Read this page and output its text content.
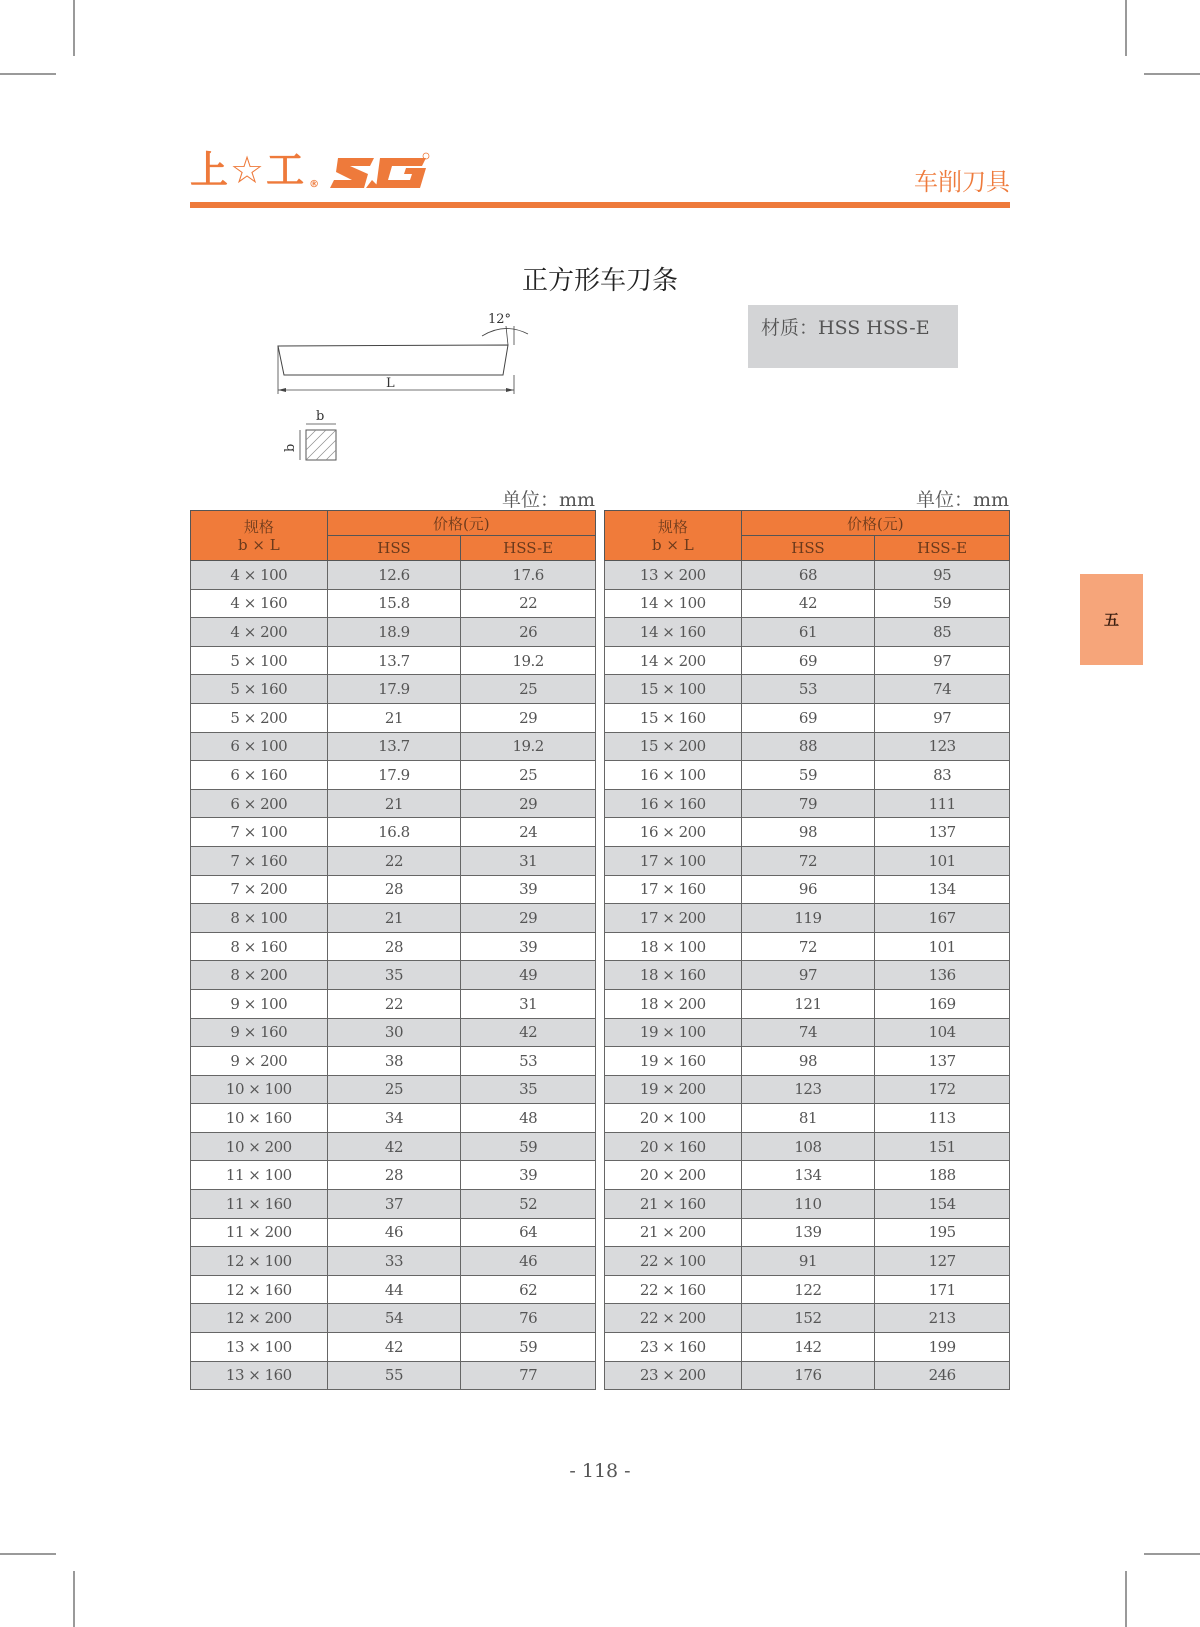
上☆工 ®	车削刀具
正方形车刀条
12°
L
b
b
材质：HSS HSS-E
单位：mm	单位：mm
规格
b × L	价格(元)	
	HSS	HSS-E
4 × 100	12.6	17.6
4 × 160	15.8	22
4 × 200	18.9	26
5 × 100	13.7	19.2
5 × 160	17.9	25
5 × 200	21	29
6 × 100	13.7	19.2
6 × 160	17.9	25
6 × 200	21	29
7 × 100	16.8	24
7 × 160	22	31
7 × 200	28	39
8 × 100	21	29
8 × 160	28	39
8 × 200	35	49
9 × 100	22	31
9 × 160	30	42
9 × 200	38	53
10 × 100	25	35
10 × 160	34	48
10 × 200	42	59
11 × 100	28	39
11 × 160	37	52
11 × 200	46	64
12 × 100	33	46
12 × 160	44	62
12 × 200	54	76
13 × 100	42	59
13 × 160	55	77
规格
b × L	价格(元)	
	HSS	HSS-E
13 × 200	68	95
14 × 100	42	59
14 × 160	61	85
14 × 200	69	97
15 × 100	53	74
15 × 160	69	97
15 × 200	88	123
16 × 100	59	83
16 × 160	79	111
16 × 200	98	137
17 × 100	72	101
17 × 160	96	134
17 × 200	119	167
18 × 100	72	101
18 × 160	97	136
18 × 200	121	169
19 × 100	74	104
19 × 160	98	137
19 × 200	123	172
20 × 100	81	113
20 × 160	108	151
20 × 200	134	188
21 × 160	110	154
21 × 200	139	195
22 × 100	91	127
22 × 160	122	171
22 × 200	152	213
23 × 160	142	199
23 × 200	176	246
五
- 118 -
